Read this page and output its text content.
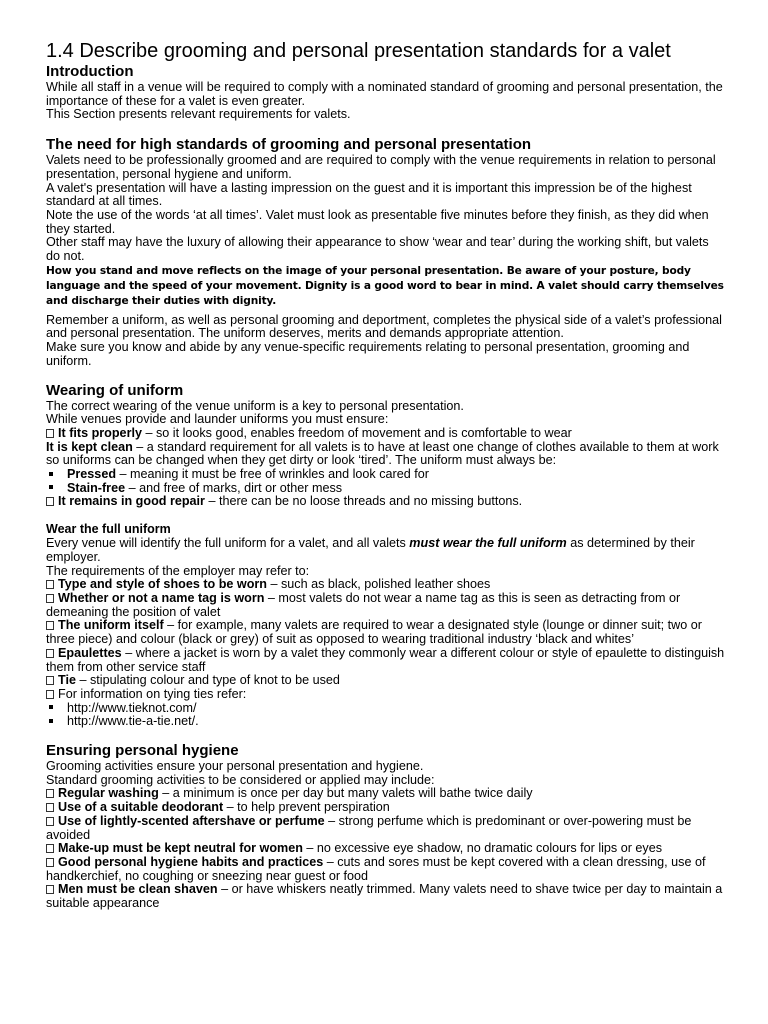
1.4 Describe grooming and personal presentation standards for a valet
Introduction

While all staff in a venue will be required to comply with a nominated standard of grooming and personal presentation, the importance of these for a valet is even greater.

This Section presents relevant requirements for valets.

The need for high standards of grooming and personal presentation

Valets need to be professionally groomed and are required to comply with the venue requirements in relation to personal presentation, personal hygiene and uniform.

A valet's presentation will have a lasting impression on the guest and it is important this impression be of the highest standard at all times.

Note the use of the words ‘at all times’. Valet must look as presentable five minutes before they finish, as they did when they started.

Other staff may have the luxury of allowing their appearance to show ‘wear and tear’ during the working shift, but valets do not.

How you stand and move reflects on the image of your personal presentation. Be aware of your posture, body language and the speed of your movement. Dignity is a good word to bear in mind. A valet should carry themselves and discharge their duties with dignity.

Remember a uniform, as well as personal grooming and deportment, completes the physical side of a valet’s professional and personal presentation. The uniform deserves, merits and demands appropriate attention.

Make sure you know and abide by any venue-specific requirements relating to personal presentation, grooming and uniform.

Wearing of uniform

The correct wearing of the venue uniform is a key to personal presentation.

While venues provide and launder uniforms you must ensure:

It fits properly – so it looks good, enables freedom of movement and is comfortable to wear

It is kept clean – a standard requirement for all valets is to have at least one change of clothes available to them at work so uniforms can be changed when they get dirty or look ‘tired’. The uniform must always be:

Pressed – meaning it must be free of wrinkles and look cared for

Stain-free – and free of marks, dirt or other mess

It remains in good repair – there can be no loose threads and no missing buttons.

Wear the full uniform

Every venue will identify the full uniform for a valet, and all valets must wear the full uniform as determined by their employer.

The requirements of the employer may refer to:

Type and style of shoes to be worn – such as black, polished leather shoes

Whether or not a name tag is worn – most valets do not wear a name tag as this is seen as detracting from or demeaning the position of valet

The uniform itself – for example, many valets are required to wear a designated style (lounge or dinner suit; two or three piece) and colour (black or grey) of suit as opposed to wearing traditional industry ‘black and whites’

Epaulettes – where a jacket is worn by a valet they commonly wear a different colour or style of epaulette to distinguish them from other service staff

Tie – stipulating colour and type of knot to be used

For information on tying ties refer:

http://www.tieknot.com/

http://www.tie-a-tie.net/.

Ensuring personal hygiene

Grooming activities ensure your personal presentation and hygiene.

Standard grooming activities to be considered or applied may include:

Regular washing – a minimum is once per day but many valets will bathe twice daily

Use of a suitable deodorant – to help prevent perspiration

Use of lightly-scented aftershave or perfume – strong perfume which is predominant or over-powering must be avoided

Make-up must be kept neutral for women – no excessive eye shadow, no dramatic colours for lips or eyes

Good personal hygiene habits and practices – cuts and sores must be kept covered with a clean dressing, use of handkerchief, no coughing or sneezing near guest or food

Men must be clean shaven – or have whiskers neatly trimmed. Many valets need to shave twice per day to maintain a suitable appearance
